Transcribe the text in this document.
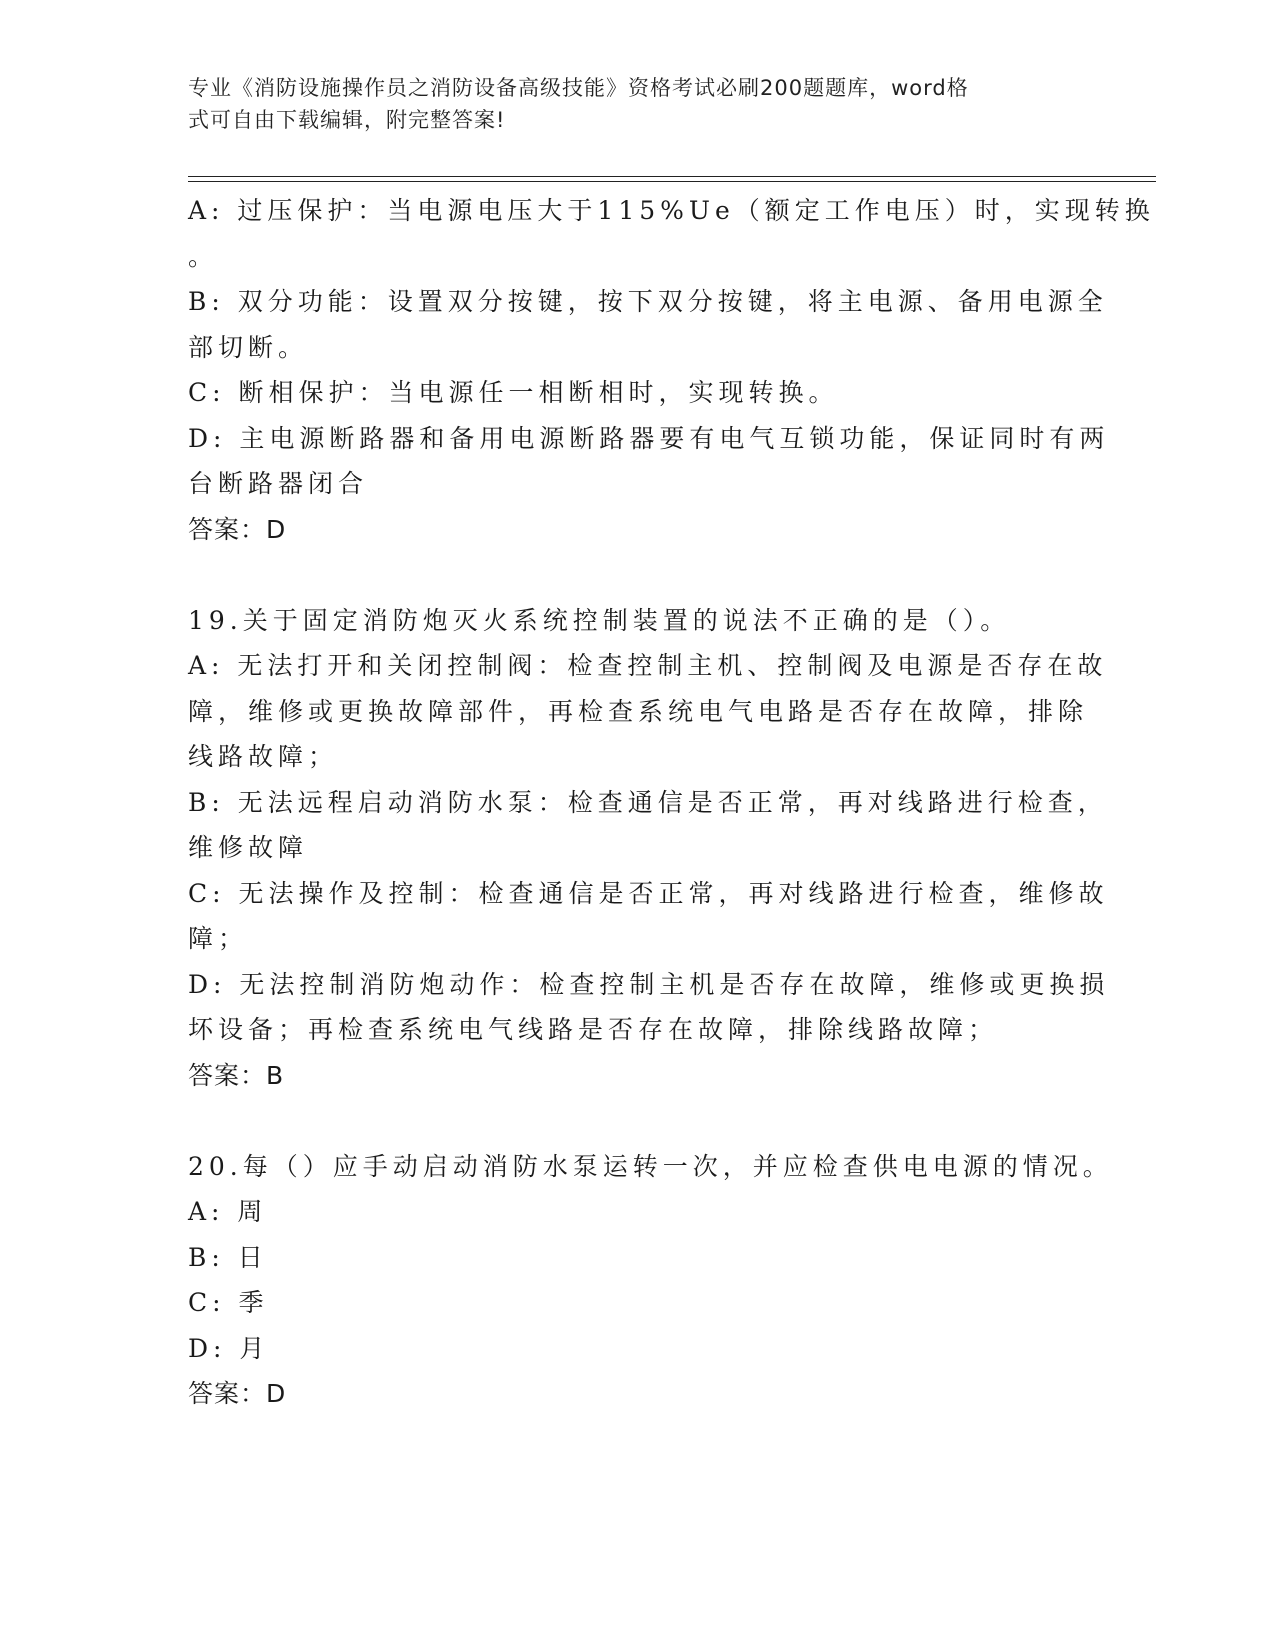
专业《消防设施操作员之消防设备高级技能》资格考试必刷200题题库，word格
式可自由下载编辑，附完整答案!
A: 过压保护：当电源电压大于115%Ue（额定工作电压）时，实现转换
。
B: 双分功能：设置双分按键，按下双分按键，将主电源、备用电源全
部切断。
C: 断相保护：当电源任一相断相时，实现转换。
D: 主电源断路器和备用电源断路器要有电气互锁功能，保证同时有两
台断路器闭合
答案：D
19.关于固定消防炮灭火系统控制装置的说法不正确的是（）。
A: 无法打开和关闭控制阀：检查控制主机、控制阀及电源是否存在故
障，维修或更换故障部件，再检查系统电气电路是否存在故障，排除
线路故障；
B: 无法远程启动消防水泵：检查通信是否正常，再对线路进行检查，
维修故障
C: 无法操作及控制：检查通信是否正常，再对线路进行检查，维修故
障；
D: 无法控制消防炮动作：检查控制主机是否存在故障，维修或更换损
坏设备；再检查系统电气线路是否存在故障，排除线路故障；
答案：B
20.每（）应手动启动消防水泵运转一次，并应检查供电电源的情况。
A: 周
B: 日
C: 季
D: 月
答案：D
